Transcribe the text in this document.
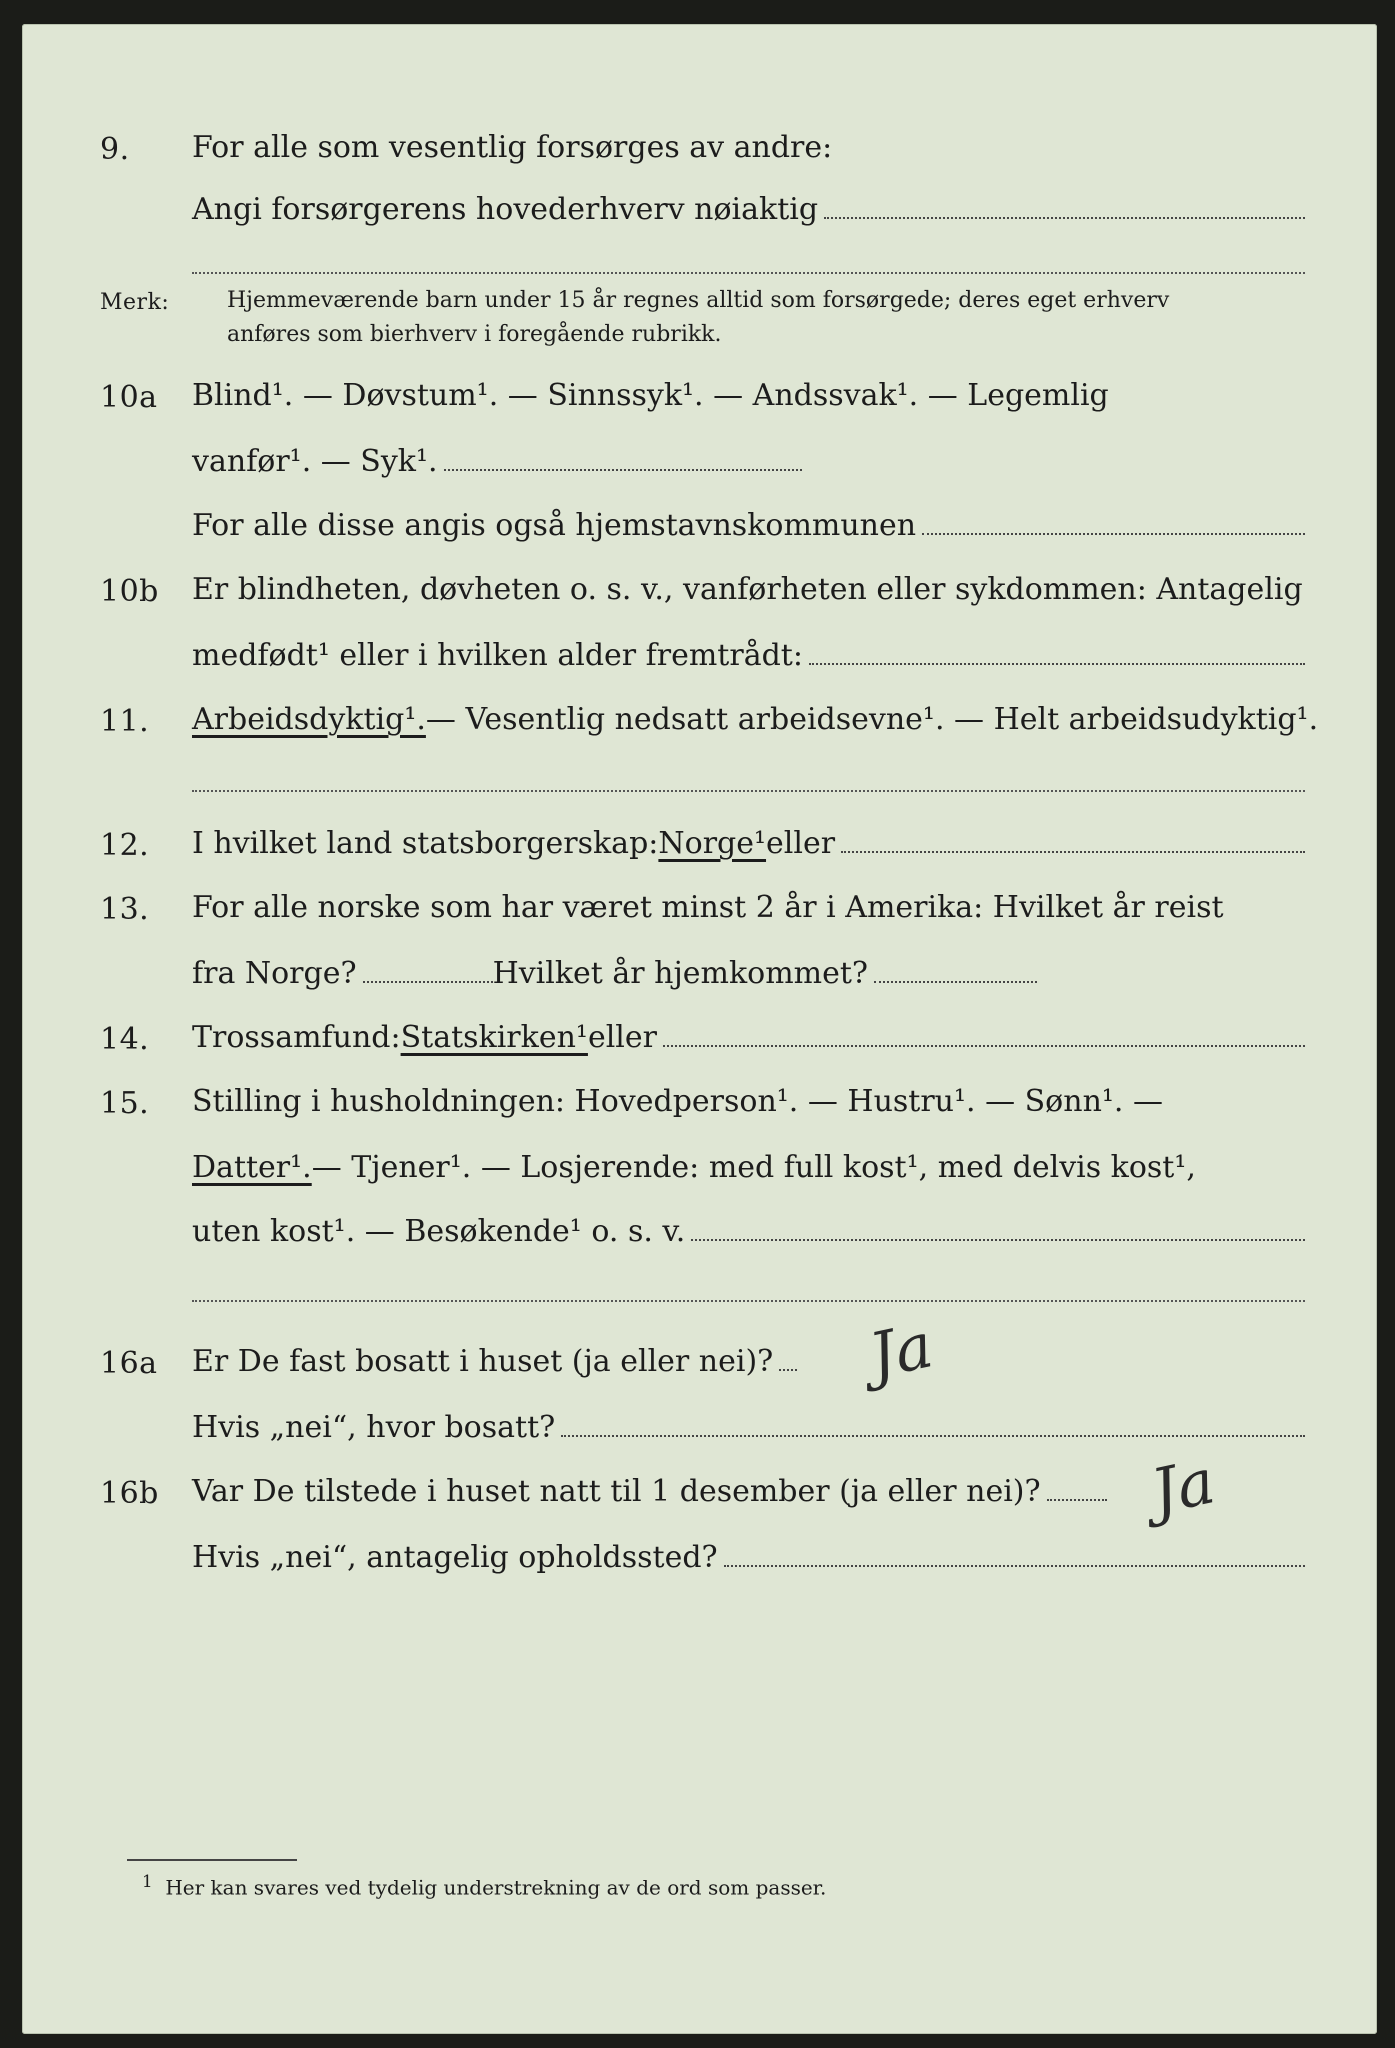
9. For alle som vesentlig forsørges av andre:
Angi forsørgerens hovederhverv nøiaktig
Merk:	Hjemmeværende barn under 15 år regnes alltid som forsørgede; deres eget erhverv
anføres som bierhverv i foregående rubrikk.
10a Blind¹. — Døvstum¹. — Sinnssyk¹. — Andssvak¹. — Legemlig
vanfør¹. — Syk¹.
For alle disse angis også hjemstavnskommunen
10b Er blindheten, døvheten o. s. v., vanførheten eller sykdommen: Antagelig
medfødt¹ eller i hvilken alder fremtrådt:
11. Arbeidsdyktig¹. — Vesentlig nedsatt arbeidsevne¹. — Helt arbeidsudyktig¹.
12. I hvilket land statsborgerskap: Norge¹ eller
13. For alle norske som har været minst 2 år i Amerika: Hvilket år reist
fra Norge?	Hvilket år hjemkommet?
14. Trossamfund: Statskirken¹ eller
15. Stilling i husholdningen: Hovedperson¹. — Hustru¹. — Sønn¹. —
Datter¹. — Tjener¹. — Losjerende: med full kost¹, med delvis kost¹,
uten kost¹. — Besøkende¹ o. s. v.
16a Er De fast bosatt i huset (ja eller nei)? Ja
Hvis „nei“, hvor bosatt?
16b Var De tilstede i huset natt til 1 desember (ja eller nei)? Ja
Hvis „nei“, antagelig opholdssted?
$^1$ Her kan svares ved tydelig understrekning av de ord som passer.
